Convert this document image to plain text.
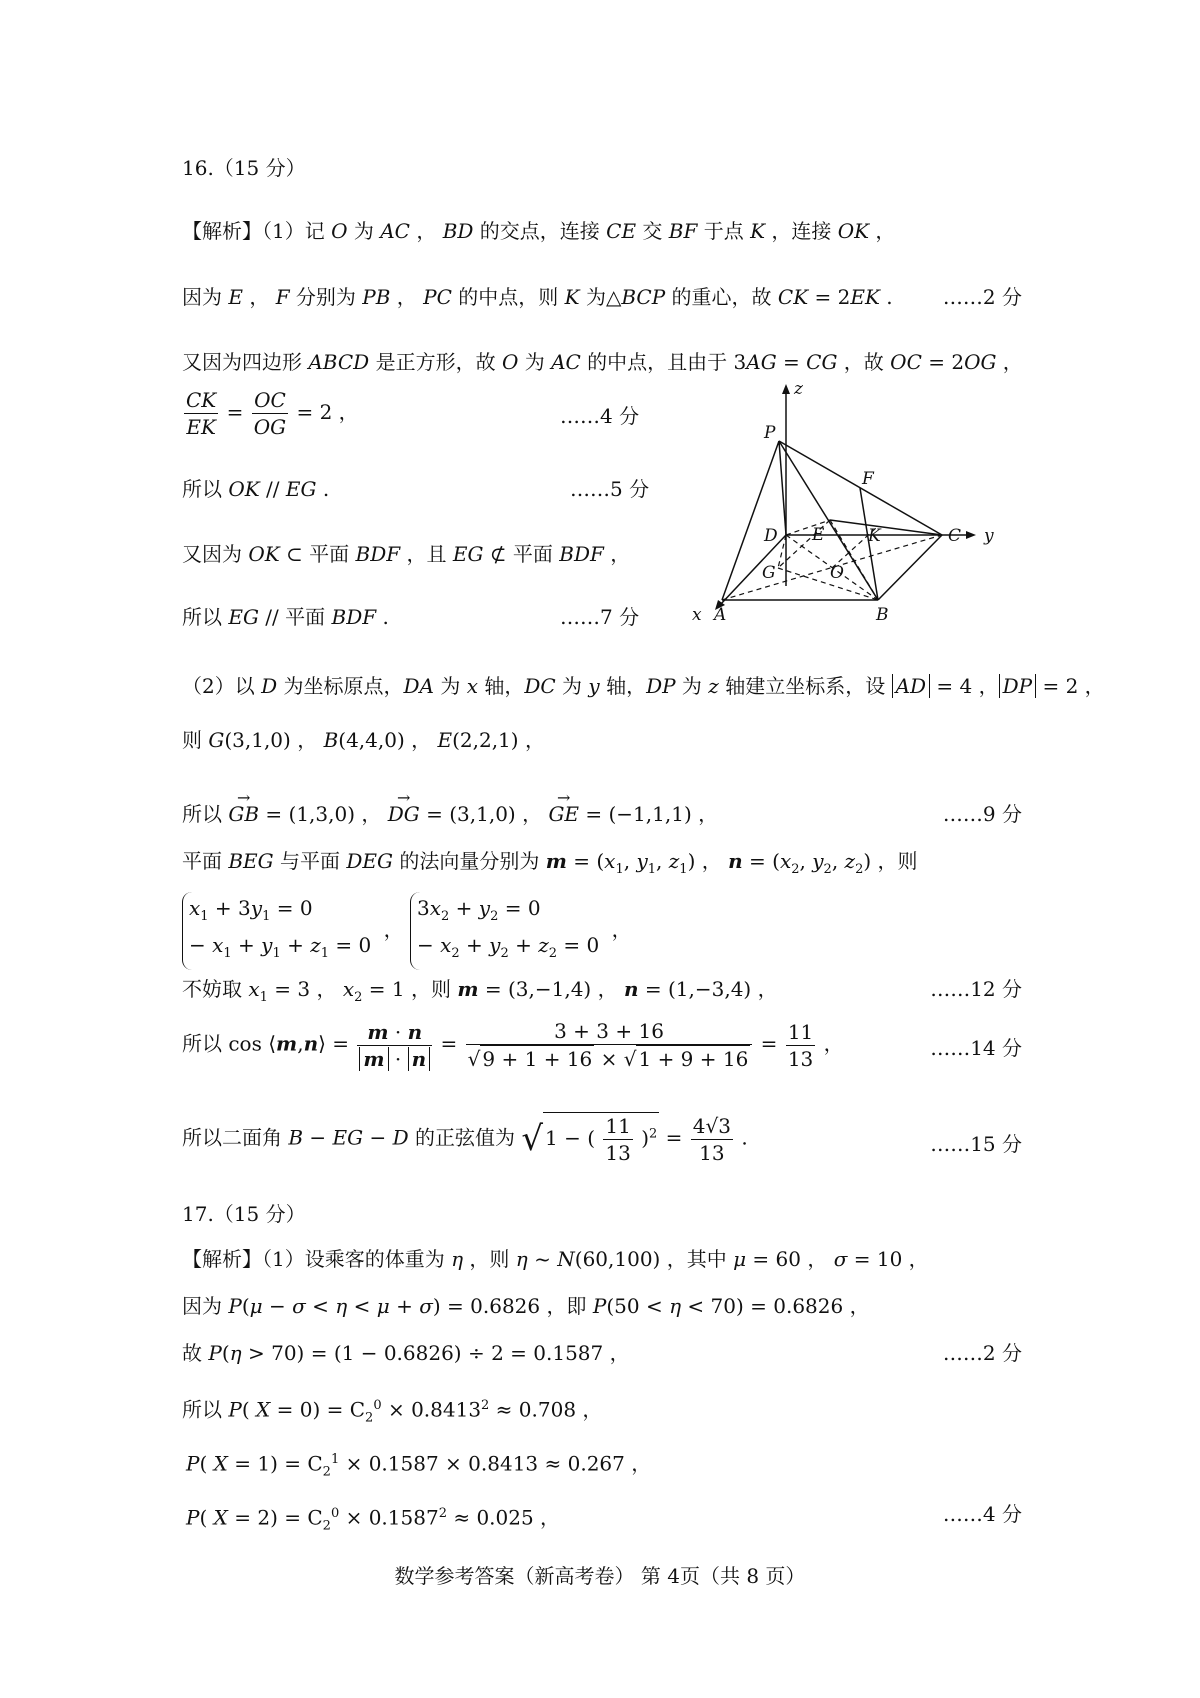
16.（15 分）
【解析】（1）记 O 为 AC ， BD 的交点，连接 CE 交 BF 于点 K ，连接 OK ，
因为 E ， F 分别为 PB ， PC 的中点，则 K 为△BCP 的重心，故 CK = 2EK .	……2 分
又因为四边形 ABCD 是正方形，故 O 为 AC 的中点，且由于 3AG = CG ，故 OC = 2OG ，
$\frac{CK}{EK} = \frac{OC}{OG} = 2$ ，	……4 分
所以 OK // EG .	……5 分
又因为 OK ⊂ 平面 BDF ，且 EG ⊄ 平面 BDF ，
所以 EG // 平面 BDF .	……7 分
z
P
F
D E	K	C y
G	O
x A	B
（2）以 D 为坐标原点，DA 为 x 轴，DC 为 y 轴，DP 为 z 轴建立坐标系，设 AD = 4 ， DP = 2 ，
则 G(3,1,0) ， B(4,4,0) ， E(2,2,1) ，
所以 → GB = (1,3,0) ， → DG = (3,1,0) ， → GE = (−1,1,1) ，	……9 分
平面 BEG 与平面 DEG 的法向量分别为 $m = (x_1$, $y_1$, $z_1$) ， $n = (x_2$, $y_2$, $z_2$) ，则
$x_1 + 3y_1 = 0$
− $x_1 + y_1 + z_1 = 0$ ， $3x_2 + y_2 = 0$
− $x_2 + y_2 + z_2 = 0$ ，
不妨取 $x_1 = 3$ ， $x_2 = 1$ ，则 m = (3,−1,4) ， n = (1,−3,4) ，	……12 分
所以 cos ⟨m,n⟩ = $\frac{m \cdot n}{m \cdot n} = \frac{3 + 3 + 16}{√ 9 + 1 + 16 \times √ 1 + 9 + 16} = \frac{11}{13}$ ，	……14 分
所以二面角 B − EG − D 的正弦值为 √ 1 − ( $\frac{11}{13} )^2 = \frac{4√3}{13}$ .	……15 分
17.（15 分）
【解析】（1）设乘客的体重为 η ，则 η ~ N(60,100) ，其中 μ = 60 ， σ = 10 ，
因为 P(μ − σ < η < μ + σ) = 0.6826 ，即 P(50 < η < 70) = 0.6826 ，
故 P(η > 70) = (1 − 0.6826) ÷ 2 = 0.1587 ，	……2 分
所以 P( $X = 0) = C_2^0 \times 0.8413^2 \approx 0.708$ ，
P( $X = 1) = C_2^1 \times 0.1587 \times 0.8413 \approx 0.267$ ，
P( $X = 2) = C_2^0 \times 0.1587^2 \approx 0.025$ ，	……4 分
数学参考答案（新高考卷） 第 4页（共 8 页）
